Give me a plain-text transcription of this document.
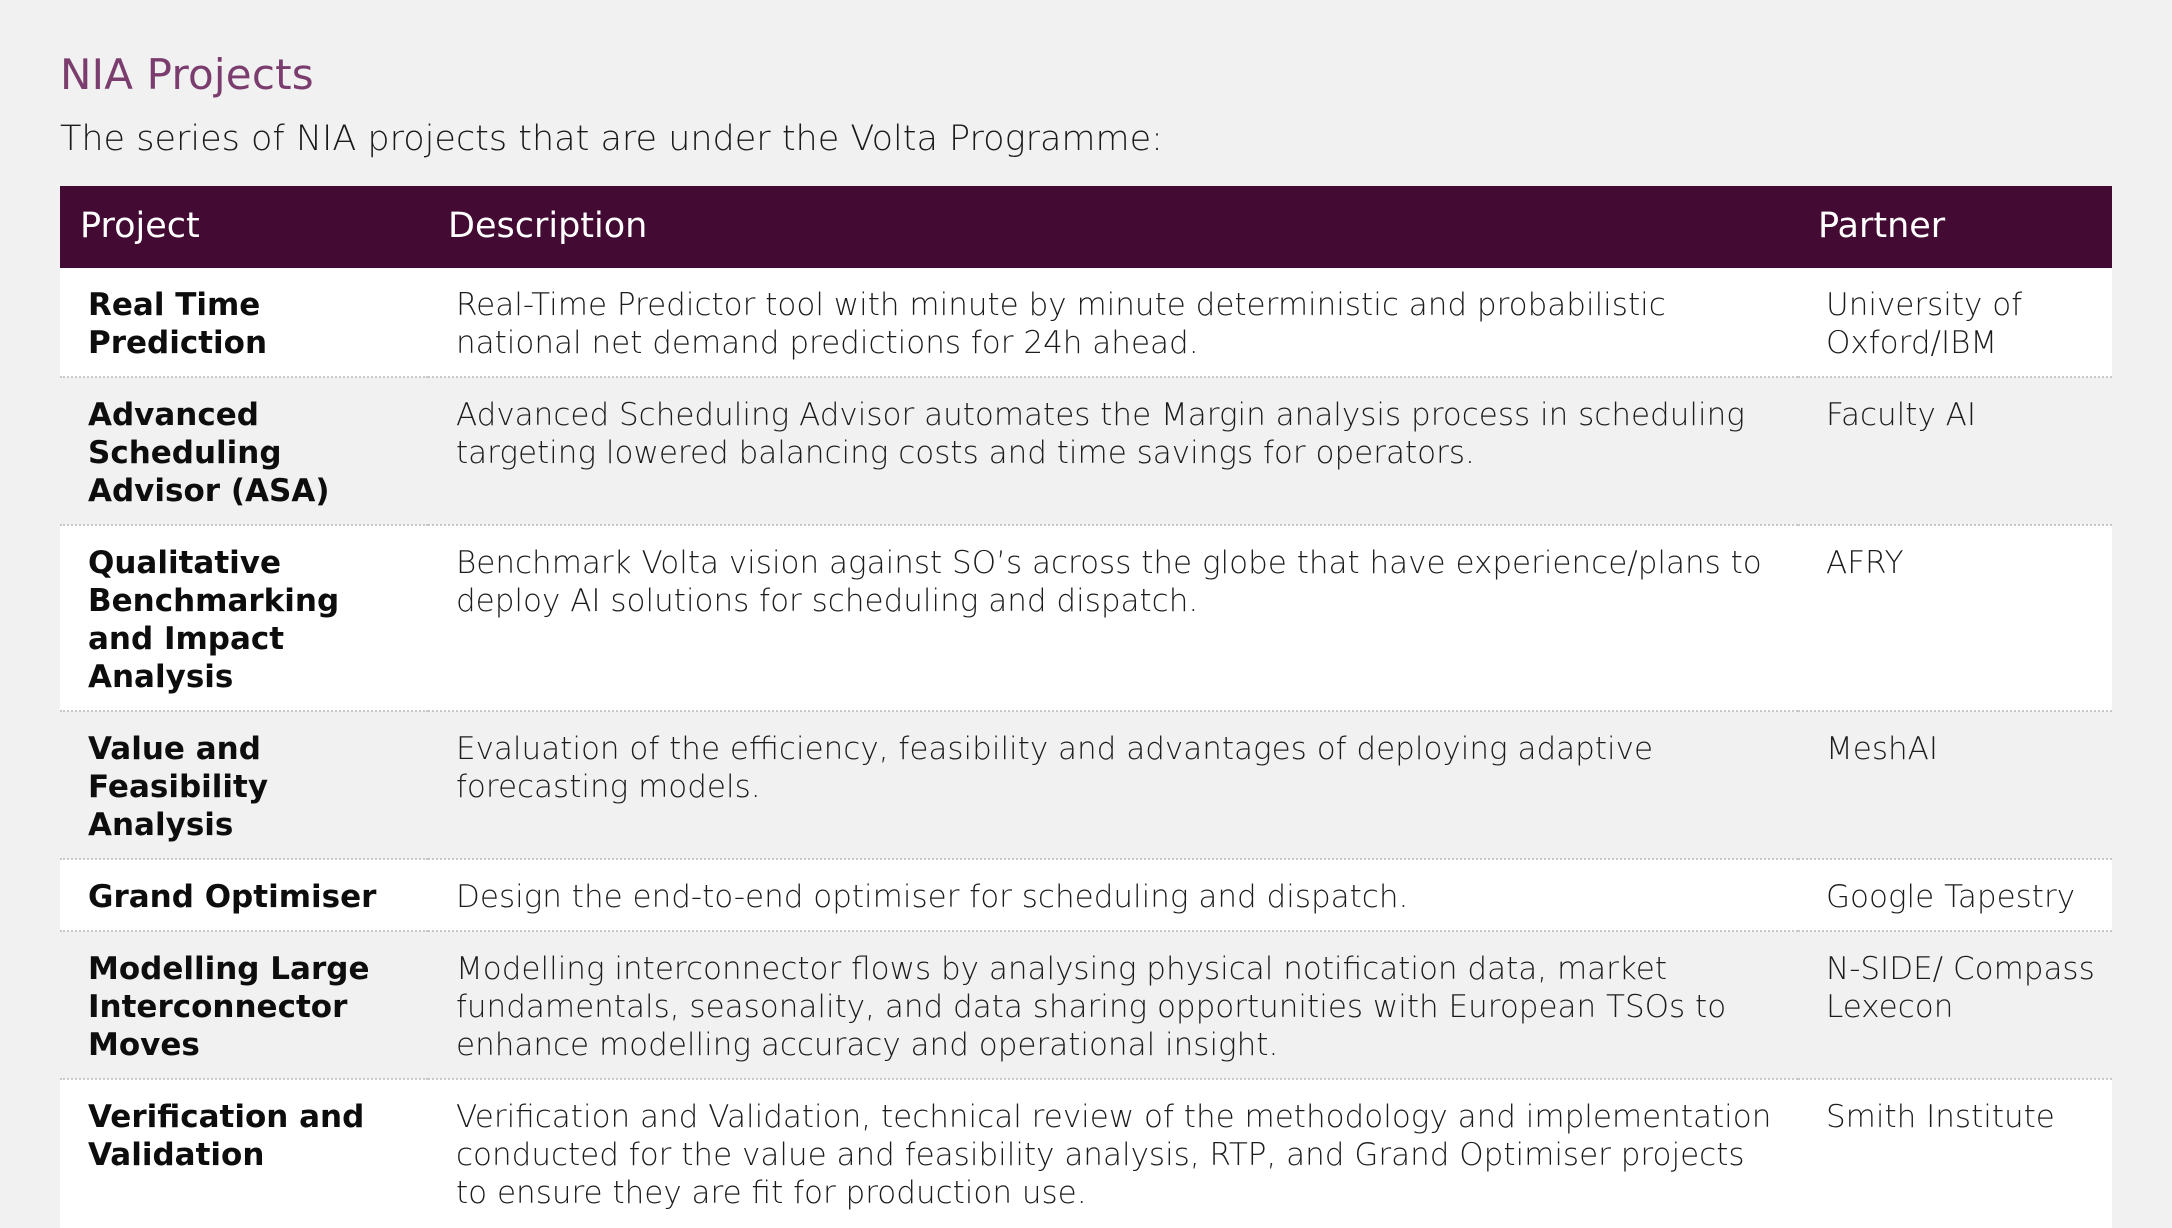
NIA Projects

The series of NIA projects that are under the Volta Programme:

Project	Description	Partner
Real Time Prediction	Real-Time Predictor tool with minute by minute deterministic and probabilistic national net demand predictions for 24h ahead.	University of Oxford/IBM
Advanced Scheduling Advisor (ASA)	Advanced Scheduling Advisor automates the Margin analysis process in scheduling targeting lowered balancing costs and time savings for operators.	Faculty AI
Qualitative Benchmarking and Impact Analysis	Benchmark Volta vision against SO’s across the globe that have experience/plans to deploy AI solutions for scheduling and dispatch.	AFRY
Value and Feasibility Analysis	Evaluation of the efficiency, feasibility and advantages of deploying adaptive forecasting models.	MeshAI
Grand Optimiser	Design the end-to-end optimiser for scheduling and dispatch.	Google Tapestry
Modelling Large Interconnector Moves	Modelling interconnector flows by analysing physical notification data, market fundamentals, seasonality, and data sharing opportunities with European TSOs to enhance modelling accuracy and operational insight.	N-SIDE/ Compass Lexecon
Verification and Validation	Verification and Validation, technical review of the methodology and implementation conducted for the value and feasibility analysis, RTP, and Grand Optimiser projects to ensure they are fit for production use.	Smith Institute
